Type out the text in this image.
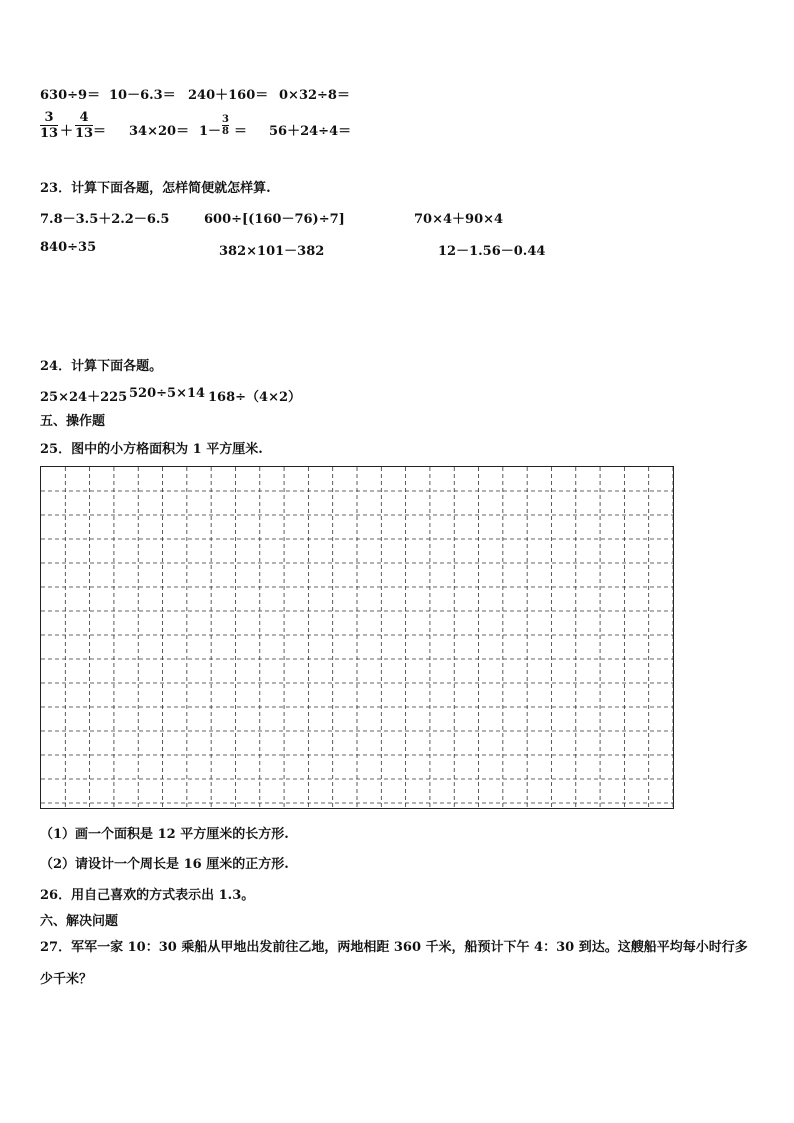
630÷9＝ 10－6.3＝ 240＋160＝ 0×32÷8＝
3
13 ＋
4
13 ＝ 34×20＝ 1－
3
8 ＝ 56＋24÷4＝
23．计算下面各题，怎样简便就怎样算.
7.8－3.5＋2.2－6.5	600÷[(160－76)÷7]	70×4＋90×4
840÷35	382×101－382	12－1.56－0.44
24．计算下面各题。
25×24＋225 520÷5×14 168÷（4×2）
五、操作题
25．图中的小方格面积为 1 平方厘米.
（1）画一个面积是 12 平方厘米的长方形.
（2）请设计一个周长是 16 厘米的正方形.
26．用自己喜欢的方式表示出 1.3。
六、解决问题
27．军军一家 10：30 乘船从甲地出发前往乙地，两地相距 360 千米，船预计下午 4：30 到达。这艘船平均每小时行多
少千米？
